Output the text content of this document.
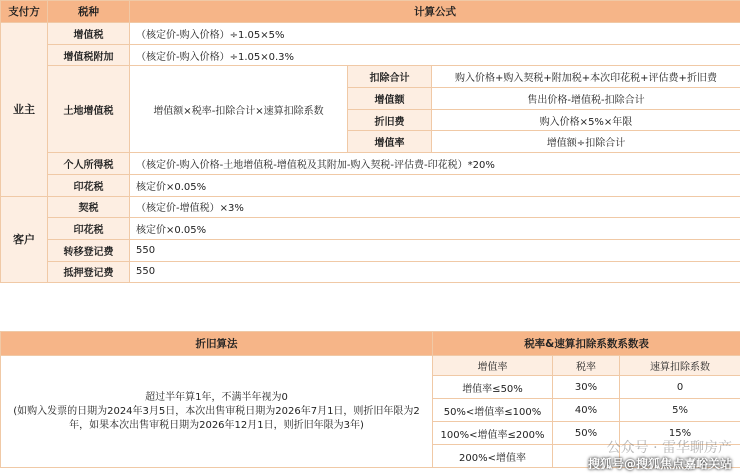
支付方	税种	计算公式		
业主	增值税	（核定价-购入价格）÷1.05×5%		
	增值税附加	（核定价-购入价格）÷1.05×0.3%		
	土地增值税	增值额×税率-扣除合计×速算扣除系数	扣除合计	购入价格+购入契税+附加税+本次印花税+评估费+折旧费
			增值额	售出价格-增值税-扣除合计
			折旧费	购入价格×5%×年限
			增值率	增值额÷扣除合计
	个人所得税	（核定价-购入价格-土地增值税-增值税及其附加-购入契税-评估费-印花税）*20%		
	印花税	核定价×0.05%		
客户	契税	（核定价-增值税）×3%		
	印花税	核定价×0.05%		
	转移登记费	550		
	抵押登记费	550		
折旧算法	税率&速算扣除系数系数表		

超过半年算1年，不满半年视为0
(如购入发票的日期为2024年3月5日，本次出售审税日期为2026年7月1日，则折旧年限为2年，如果本次出售审税日期为2026年12月1日，则折旧年限为3年)	增值率	税率	速算扣除系数
	增值率≤50%	30%	0
	50%<增值率≤100%	40%	5%
	100%<增值率≤200%	50%	15%
	200%<增值率		
公众号 · 雷华聊房产
搜狐号@搜狐焦点嘉峪关站
